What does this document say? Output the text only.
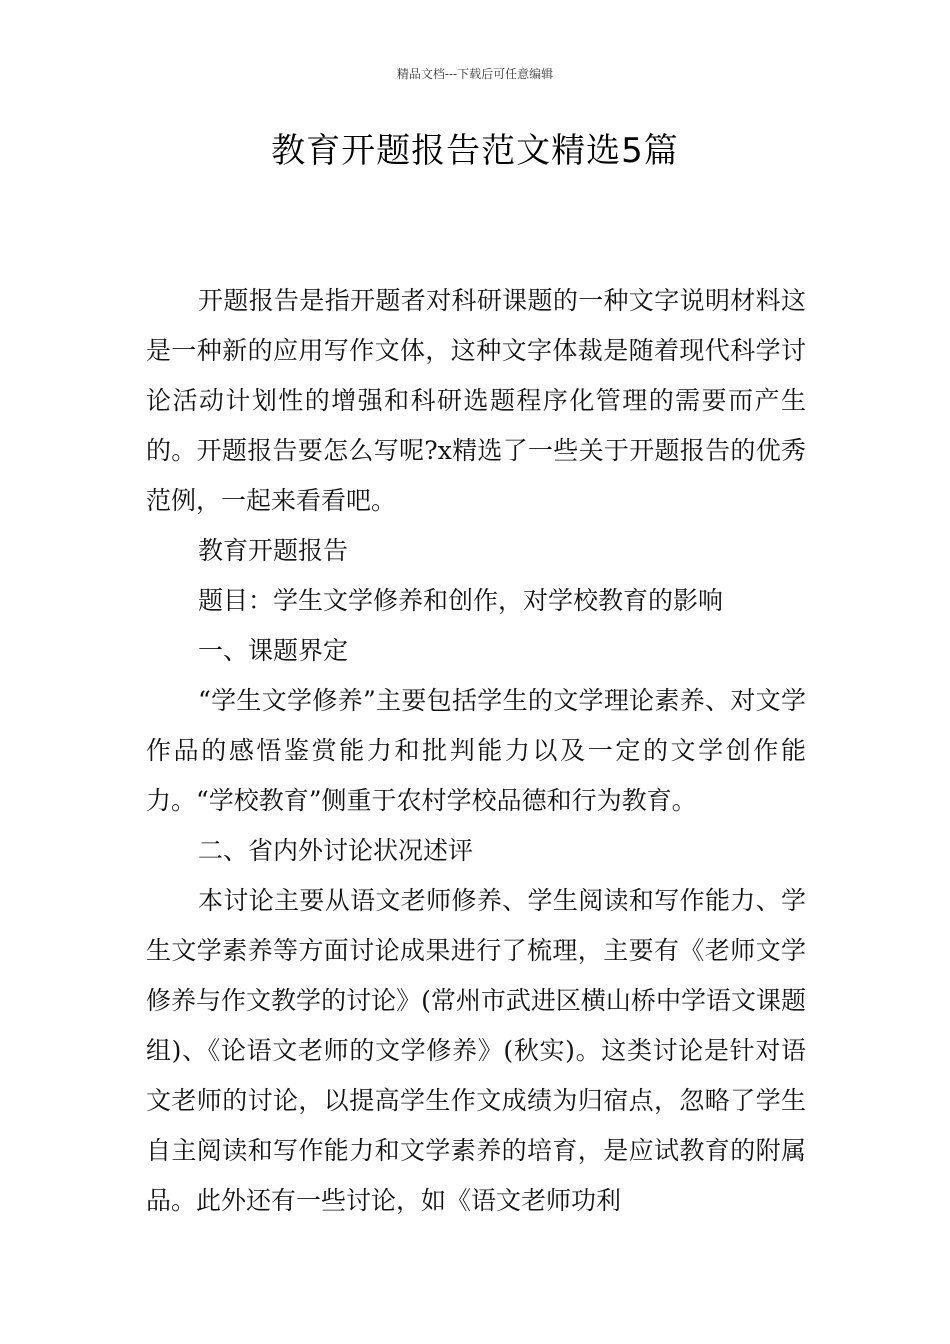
精品文档---下载后可任意编辑
教育开题报告范文精选5篇

开题报告是指开题者对科研课题的一种文字说明材料这是一种新的应用写作文体，这种文字体裁是随着现代科学讨论活动计划性的增强和科研选题程序化管理的需要而产生的。开题报告要怎么写呢?x精选了一些关于开题报告的优秀范例，一起来看看吧。

教育开题报告

题目：学生文学修养和创作，对学校教育的影响

一、课题界定

“学生文学修养”主要包括学生的文学理论素养、对文学作品的感悟鉴赏能力和批判能力以及一定的文学创作能力。“学校教育”侧重于农村学校品德和行为教育。

二、省内外讨论状况述评

本讨论主要从语文老师修养、学生阅读和写作能力、学生文学素养等方面讨论成果进行了梳理，主要有《老师文学修养与作文教学的讨论》(常州市武进区横山桥中学语文课题组)、《论语文老师的文学修养》(秋实)。这类讨论是针对语文老师的讨论，以提高学生作文成绩为归宿点，忽略了学生自主阅读和写作能力和文学素养的培育，是应试教育的附属品。此外还有一些讨论，如《语文老师功利
